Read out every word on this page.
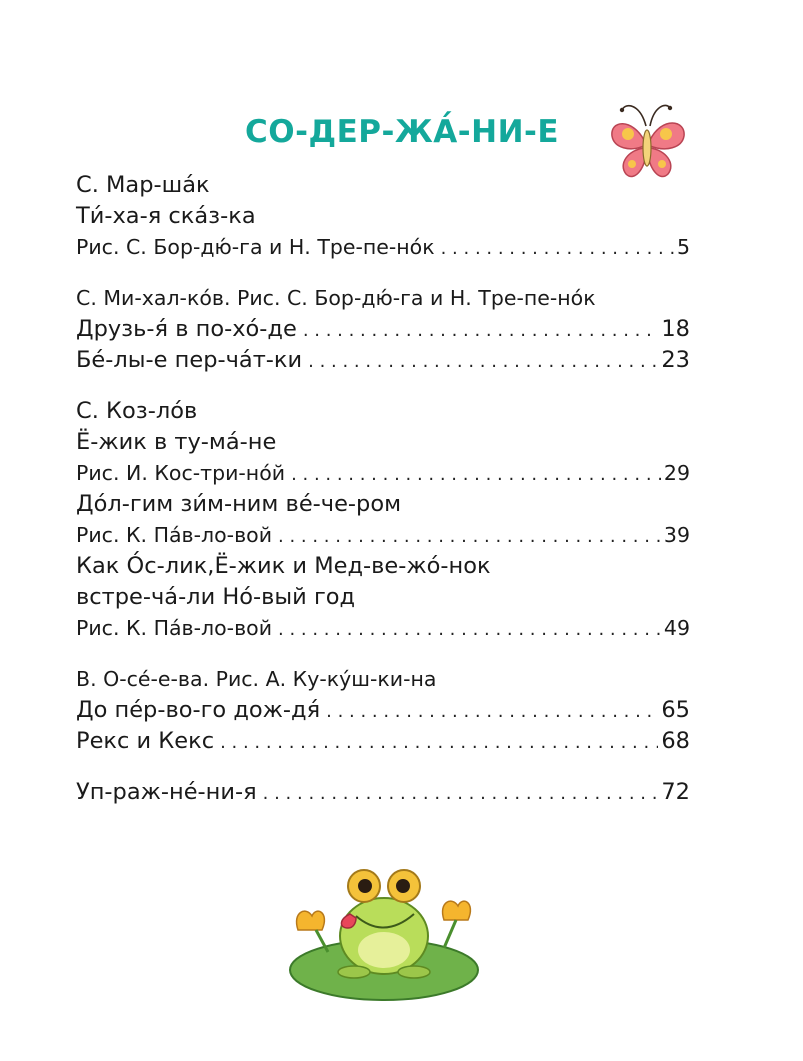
СО-ДЕР-ЖА́-НИ-Е
С. Мар-ша́к
Ти́-ха-я ска́з-ка
Рис. С. Бор-дю́-га и Н. Тре-пе-но́к . . .	5
С. Ми-хал-ко́в. Рис. С. Бор-дю́-га и Н. Тре-пе-но́к
Друзь-я́ в по-хо́-де . . .	18
Бе́-лы-е пер-ча́т-ки . . .	23
С. Коз-ло́в
Ё-жик в ту-ма́-не
Рис. И. Кос-три-но́й . . .	29
До́л-гим зи́м-ним ве́-че-ром
Рис. К. Па́в-ло-вой . . .	39
Как О́с-лик,Ё-жик и Мед-ве-жо́-нок
встре-ча́-ли Но́-вый год
Рис. К. Па́в-ло-вой . . .	49
В. О-се́-е-ва. Рис. А. Ку-ку́ш-ки-на
До пе́р-во-го дож-дя́ . . .	65
Рекс и Кекс . . .	68
Уп-раж-не́-ни-я . . .	72
